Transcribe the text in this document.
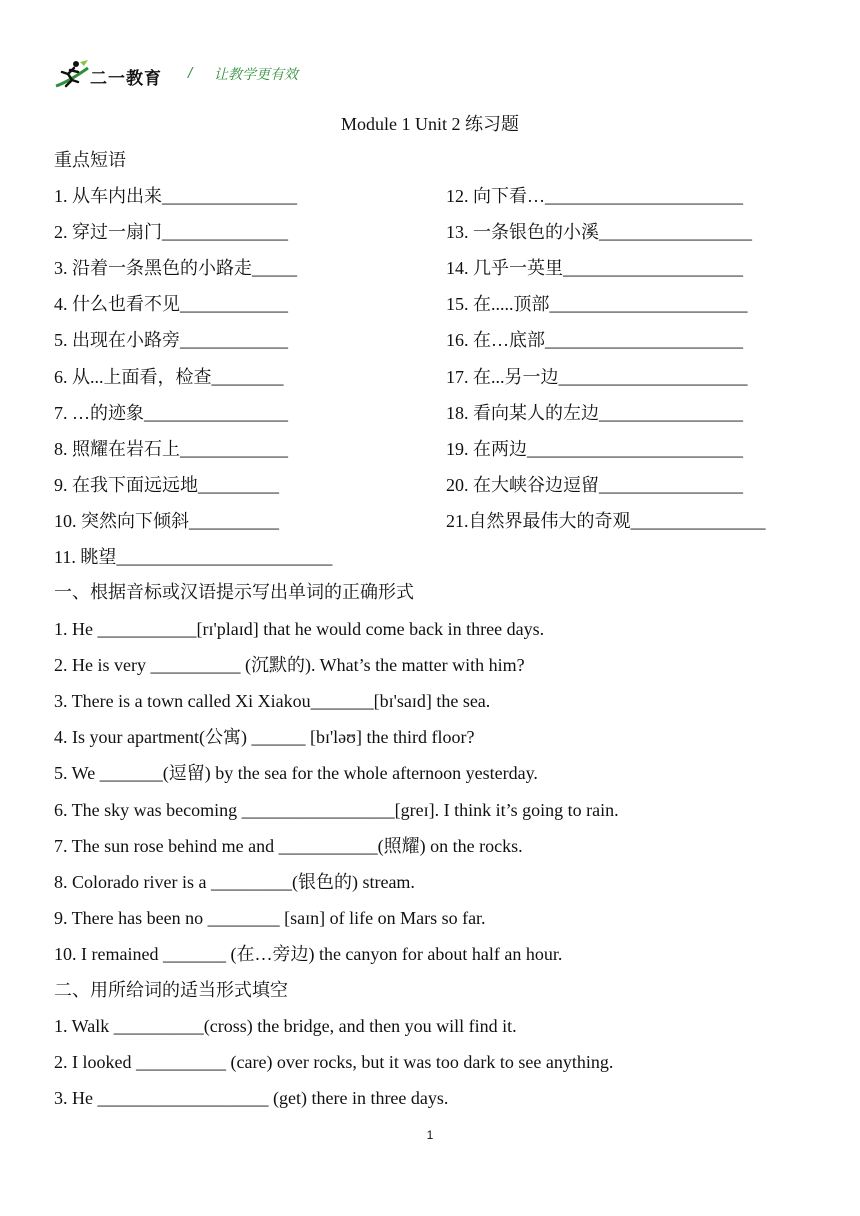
二一教育 / 让教学更有效
Module 1 Unit 2 练习题
重点短语
1. 从车内出来_______________
2. 穿过一扇门______________
3. 沿着一条黑色的小路走_____
4. 什么也看不见____________
5. 出现在小路旁____________
6. 从...上面看，检查________
7. …的迹象________________
8. 照耀在岩石上____________
9. 在我下面远远地_________
10. 突然向下倾斜__________
11. 眺望________________________
12. 向下看…______________________
13. 一条银色的小溪_________________
14. 几乎一英里____________________
15. 在.....顶部______________________
16. 在…底部______________________
17. 在...另一边_____________________
18. 看向某人的左边________________
19. 在两边________________________
20. 在大峡谷边逗留________________
21.自然界最伟大的奇观_______________
一、根据音标或汉语提示写出单词的正确形式
1. He ___________[rɪ'plaɪd] that he would come back in three days.
2. He is very __________ (沉默的). What’s the matter with him?
3. There is a town called Xi Xiakou_______[bɪ'saɪd] the sea.
4. Is your apartment(公寓) ______ [bɪ'ləʊ] the third floor?
5. We _______(逗留) by the sea for the whole afternoon yesterday.
6. The sky was becoming _________________[greɪ]. I think it’s going to rain.
7. The sun rose behind me and ___________(照耀) on the rocks.
8. Colorado river is a _________(银色的) stream.
9. There has been no ________ [saɪn] of life on Mars so far.
10. I remained _______ (在…旁边) the canyon for about half an hour.
二、用所给词的适当形式填空
1. Walk __________(cross) the bridge, and then you will find it.
2. I looked __________ (care) over rocks, but it was too dark to see anything.
3. He ___________________ (get) there in three days.
1
